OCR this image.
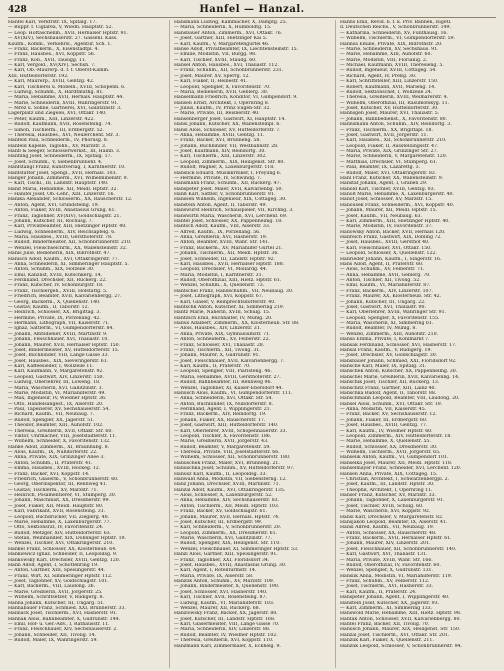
428	Hanfel — Hanzal.
Hanfel Karl, Verkfrstr. IX, Spitalg. 17.
— Ruppr. f. Ciglarea, V, Wiedn. Hauptstr. 52.
— Leop. Hoftaschenm., XVII, Hernalser Hptstr. 91.
— XV(XIV), Sechshauserstr. 27. Gassenl. Kass.
Kaufm., Komm., Verkehrsl., Agentur, Sch. 1.
— Franz, Bäckerm., X, Eisenstadtpl. 4.
— Franz, Hausbes., XVI, Koppstr. 56.
— Franz, Koh., XVII, Tausigg. 11.
— Karl, Vergold., XV(XIV), Sechsh. 7.
— Karl, Ob.-Maurerp. d. f. f. Oberst-Kämm.
XIII, Hütteldorferstr. 192.
— Karl, Maurerp., XVIII, Gentzg. 42.
— Karl, Tischlerei u. Möbelh., XVIII, Schopenh. 6.
— Ludwig, Schuhm., X, Hardtmuthg. 81.
— Maria, Hebamme, XVII, Hernals. Hauptstr. 44.
— Marie, Schneiderin, XVIII, Währingerstr. 91.
— Mrez u. Söhne, Gärtnerei, XVI, Gallitzinstr. 3.
Lagerplatz und Ziegelei, XVI, Ottakr. 140.
— Peter, Kaufm., XIII, Linzerstr. 422.
— Rudolf, Kaufmann, XVII, Rosensteing. 74.
— Simon, Tischlerm., III, Erdbergstr. 52.
— Theresia, Hausbes., XVI, Neulerchenf. Str. 3.
Hanfeld Paul, Schneiderm., IV, Phorusg. 8.
Hanfeld Kapelle, Taglöhn., XV, Märzstr. 3.
Hanfl & Seeger, Schlosserwerkst., III, Hainb. 3.
Hanfling Josef, Schneiderm., IX, Spitalg. 17.
— Josef, Schuhm., V, Siebenbrunnenf. 4.
Hanfstängl Franz, Kunstverlag, I, Kärntnerstr. 10.
Hanfstätter Josef, Spengl., XVII, Hernals. 103.
Hanger Johann, Zimmerm., XVI, Wilhelminenstr. 9.
— Karl, Tischl., III, Landstr. Hauptstr. 140.
Hanif Maria, Hebamme, XII, Meidl. Hptstr. 32.
— Hanifel Josef, Ob.-Lehr., XIII, Linzerstr. 16.
Hanika Alexander, Schlosserm., XX, Rauscherstr. 12.
— Anton, Agent, XVI, Grundsteing. 19.
— Anton, Fiaker, XVIII, Anastasius Grüng. 61.
— Franz, Taglöhner, XV(XIV), Goldschlagstr. 21.
— Johann, Kutscher, III, Rochusg. 7.
— Karl, Privatbeamter, XIII, Hietzinger Hptstr. 40.
— Ludwig, Schneiderm., XIV, Reichsapfelg. 6.
— Maria, Hausbes., XVIII, Gersthoferstr. 78.
— Rudolf, Bindermeister, XII, Schönbrunnerstr. 210.
— Wenzel, Fleischselchrm., XX, Wallensteinstr. 32.
Hanis Julie, Bedienerin, XIX, Billrothstr. 47.
Hanisch Adolf, Kaufm., XVI, Ottakringerstr. 77.
— Anna, Schneiderin, XI, Simmeringer Hauptstr. 5.
— Anton, Schuhm., XIX, Hofzeile 30.
— Emil, Kanzlist, XVIII, Kutschkerg. 14.
— Ferdinand, Drechsler, XII, Ruckerg. 22.
— Franz, Kutscher, IV, Schönburgstr. 18.
— Franz, Tischlergeh., XVIII, Hofstattg. 5.
— Friedrich, Beamter, XVII, Kalvarienbergg. 27.
— Georg, Bäckerm., X, Quellenstr. 140.
— Gustav, Kaufm., II, Taborstr. 12.
— Heinrich, Schlosser, XX, Brigittag. 3.
— Hermine, Private, IX, Porzellang. 42.
— Hermann, Lithograph, VII, Kaiserstr. 71.
— Ignaz, Sattlerm., VI, Gumpendorferstr. 84.
— Johann, Amtsdiener, XVIII, Martinstr. 9.
— Johann, Fleischhauer, XVI, Thaliastr. 10.
— Johann, Maurer, XVII, Hernalser Hptstr. 150.
— Josef, Bindermeister, XV, Hütteldorferstr. 15.
— Josef, Buchbinder, VIII, Lange Gasse 33.
— Josef, Hausbes., XIX, Sieveringerstr. 61.
— Karl, Kaffeesieder, I, Wollzeile 11.
— Karl, Kaufmann, V, Margaretenstr. 92.
— Leopold, Gastwirt, XIV, Linzerstr. 150.
— Ludwig, Oberlehrer, III, Löweng. 18.
— Maria, Wäscherin, XVI, Gallitzinstr. 3.
— Marie, Modistin, VI, Mariahilferstr. 49.
— Max, Ingenieur, IV, Wiedner Hptstr. 36.
— Otto, Handelsangest., IX, Alserstr. 20.
— Paul, Tapezierer, XV, Sechshauserstr. 54.
— Richard, Kaufm., VII, Neubaug. 7.
— Rudolf, Spengler, XX, Jägerstr. 51.
— Theodor, Beamter, XIII, Auhofstr. 102.
— Theresia, Greißlerin, XVII, Ottakr. Str. 60.
— Viktor, Uhrmacher, VIII, Josefstädterstr. 11.
— Wilhelm, Schneider, X, Favoritenstr. 132.
Hanke Adolf, Zimmerm., XI, Braunhubg. 8.
— Alois, Kaufm., IX, Nußdorferstr. 22.
— Anna, Private, XIX, Grinzinger Allee 3.
— Anton, Schuhm., II, Praterstr. 41.
— Emma, Hausbes., XVIII, Hockeg. 12.
— Franz, Bäcker, XVI, Koppstr. 14.
— Friedrich, Glaserm., V, Schönbrunnerstr. 60.
— Georg, Oberinspektor, III, Rennweg 41.
— Gustav, Tischlerm., XV, Märzstr. 71.
— Heinrich, Posamentierer, VI, Stumperg. 30.
— Johann, Maschinist, XX, Dresdnerstr. 99.
— Josef, Fiaker, XII, Meidl. Hauptstr. 80.
— Karl, Fabrikant, XVII, Rosensteing. 31.
— Leopold, Buchdrucker, VII, Zieglerg. 40.
— Marie, Hebamme, X, Laxenburgerstr. 77.
— Otto, Sektionsrat, IV, Favoritenstr. 24.
— Rudolf, Metzger, XIV, Hütteldorferstr. 63.
— Stefan, Weinhändler, XIX, Döblinger Hptstr. 19.
— Wenzel, Tischler, XVI, Ottakringerstr. 210.
Hankel Franz, Schlosser, XX, Klosterneub. 64.
Hankiewicz Ignaz, Schneider, II, Leopoldsg. 9.
Hankowsky Karl, Drechsler, XVIII, Gentzg. 120.
Hann Adolf, Agent, I, Schottenring 19.
— Anton, Gärtner, XIII, Speisingerstr. 44.
— Franz, Wirt, XI, Simmeringer Hptstr. 112.
— Josef, Taglöhner, XV, Goldschlagstr. 101.
— Karl, Bäckerm., VIII, Laudong. 36.
— Marie, Greißlerin, XVII, Jörgerstr. 25.
— Wilhelm, Schriftsetzer, V, Rüdigerg. 8.
Hanna Johann, Kutscher, III, Ungarg. 51.
Hannabauer Franz, Schmied, XXI, Brünnerstr. 33.
Hannack Josef, Tischlerm., XVI, Hasnerstr. 91.
Hannak Alois, Bahnbeamter, X, Gudrunstr. 144.
— Emil, Hof- u. Ger.-Adv., I, Rathausstr. 11.
— Franz, Fleischhauer, XIV, Sechshauserstr. 2.
— Johann, Schneider, XII, Tivolig. 14.
— Rudolf, Maler, IX, Währingerstr. 59.
Hansmann Ludwig, Kammacher, X, Dampfg. 25.
— Maria, Schneiderin, X, Humboldtg. 15.
Hansbauer Anton, Zimmerm., XVI, Ottakr. 76.
— Josef, Gärtner, XIII, Hietzinger Kai 5.
— Karl, Kaufm., V, Margaretengürtel 46.
Hanse Adolf, Privatbeamter, IX, Liechtensteinstr. 15.
— Emilie, Modistin, VII, Burgg. 98.
— Karl, Tischler, XVIII, Staudg. 60.
Hansel Anton, Hausbes., XVI, Thaliastr. 112.
— Franz, Schuhm., XII, Schönbrunnerstr. 231.
— Josef, Maurer, XV, Sperrg. 12.
— Karl, Fiaker, II, Heinestr. 41.
— Leopold, Spengler, X, Favoritenstr. 70.
— Maria, Bedienerin, XVII, Geblerg. 30.
Hanselmann Friedrich, Konditor, VI, Gumpendorf. 9.
Hansen Ernst, Architekt, I, Opernring 8.
— Julius, Kaufm., IV, Prinz Eugen-Str. 32.
— Marie, Private, III, Reisnerstr. 40.
Hansenberger Josef, Gastwirt, XI, Hauptstr. 14.
Hansi Johann, Kutscher, XX, Wallensteinpl. 6.
Hansl Alois, Schlosser, XV, Hütteldorferstr. 7.
— Anna, Hebamme, XVIII, Gentzg. 11.
— Franz, Bäcker, XVI, Brunneng. 58.
— Johann, Buchbinder, VII, Westbahnstr. 28.
— Josef, Kaufmann, XIV, Reindorfg. 30.
— Karl, Tischlerm., XIII, Linzerstr. 302.
— Leopold, Zimmerm., XIX, Heiligenst. Str. 80.
— Rudolf, Wagner, X, Laxenburgerstr. 118.
Hanslick Eduard, Musikkritiker, I, Freyung 6.
— Hermine, Private, IV, Schwindg. 7.
Hansmann Franz, Schuhm., XII, Ruckerg. 47.
Hanspeter Josef, Maler, XVII, Kalvarienbg. 50.
Hanß Karl, Sattler, V, Schönbrunnerstr. 91.
Hanssen Wilhelm, Ingenieur, XIX, Cottageg. 30.
Hanstein Anton, Agent, II, Taborstr. 49.
Hanswurst Heinrich, Schauspieler, VII, Kirchbg. 3.
Hanswirth Maria, Wäscherin, XVI, Lerchenf. 69.
Hantel Josef, Schlosser, XX, Pappenheimg. 18.
Hantsch Adolf, Kaufm., VIII, Alserstr. 33.
— Alfred, Kaufm., IX, Porzellang. 56.
— Anna, Greißlerin, XVI, Hasnerstr. 19.
— Anton, Beamter, XVIII, Währ. Str. 141.
— Franz, Bäckerm., XV, Mariahilfer Gürtel 21.
— Johann, Tischlerm., XII, Meidl. Hptstr. 36.
— Josef, Schneider, III, Landstr. Hptstr. 92.
— Karl, Hausbes., XVII, Hernalser Hptstr. 188.
— Leopold, Drechsler, VI, Mollardg. 44.
— Maria, Modistin, I, Kärntnerstr. 31.
— Rudolf, Oberoffizial, XIII, Hietz. Hptstr. 61.
— Wenzel, Schuhm., X, Quellenstr. 73.
Hantschel Franz, Handschuhm., VII, Neubaug. 30.
— Josef, Lithograph, XVI, Koppstr. 67.
— Karl, Glaser, V, Reinprechtsdorferstr. 40.
Hantschk Anton, Kutscher, XI, Simmering 219.
Hantz Marie, Näherin, XVIII, Schulg. 15.
Hantzsch Emil, Buchhalter, IV, Mühlg. 20.
Hanus Adalbert, Zimmerm., XX, Klosterneub. Str. 88.
— Alois, Hausbes., XIV, Linzerstr. 31.
— Anna, Private, XIX, Gymnasiumstr. 71.
— Anton, Schneiderm., XV, Felberstr. 22.
— Franz, Schlosser, XVI, Thaliastr. 28.
— Franz, Tischlerm., XII, Tivolig. 31.
— Johann, Maurer, X, Gudrunstr. 91.
— Josef, Fleischhauer, XVII, Kalvarienbergg. 7.
— Karl, Kaufm., II, Praterstr. 70.
— Leopold, Spengler, VIII, Piaristeng. 46.
— Maria, Hebamme, XVIII, Gersthoferstr. 27.
— Rudolf, Bahnbeamter, III, Rennweg 96.
— Wenzel, Taglöhner, XI, Kaiser-Ebersdorf 44.
Hanusch Alois, Kaufm., VI, Gumpendorferstr. 111.
— Anna, Schneiderin, XVI, Ottakr. Str. 54.
— Anton, Buchbinder, IX, Nußdorferstr. 8.
— Ferdinand, Agent, I, Wipplingerstr. 21.
— Franz, Bäckerm., XIV, Reindorfg. 19.
— Johann, Fiaker, XX, Rauscherstr. 17.
— Josef, Gastwirt, XIII, Hütteldorferstr. 140.
— Karl, Oberlehrer, XVIII, Schopenhauerstr. 33.
— Leopold, Tischler, X, Favoritenstr. 186.
— Marie, Greißlerin, XVII, Jörgerstr. 43.
— Rudolf, Beamter, V, Margaretenstr. 59.
— Theresia, Private, VIII, Josefstädterstr. 66.
— Wilhelm, Schlosser, XII, Schönbrunnerstr. 180.
Hanuschek Franz, Maler, XVI, Brunneng. 21.
Hanuschka Josef, Schuhm., XV, Hütteldorferstr. 97.
Hanusz Karl, Kaufm., II, Leopoldsg. 33.
Hanwald Anna, Modistin, VII, Siebensterng. 12.
Hanz Johann, Drechsler, XVIII, Martinstr. 71.
Hanzal Adolf, Kaufm., XVI, Ottakringerstr. 135.
— Alois, Schlosser, X, Laxenburgerstr. 52.
— Anna, Hebamme, XIV, Sechshauserstr. 83.
— Anton, Tischlerm., XII, Meidl. Hptstr. 103.
— Franz, Bäcker, XV, Goldschlagstr. 61.
— Johann, Maurer, XVII, Hernals. Hptstr. 74.
— Josef, Kutscher, III, Erdbergstr. 99.
— Karl, Schneiderm., V, Schönbrunnerstr. 20.
— Leopold, Zimmerm., XX, Dresdnerstr. 61.
— Marie, Wäscherin, XVI, Gallitzinstr. 77.
— Rudolf, Spengler, XIX, Heiligenst. Str. 110.
— Wenzel, Fleischhauer, XI, Simmeringer Hptstr. 53.
Hanzl Alois, Gärtner, XIII, Speisingerstr. 91.
— Franz, Taglöhner, XXI, Floridsdorf 34.
— Josef, Hausbes., XVIII, Anastasius Grüng. 30.
— Karl, Agent, I, Rotenturmstr. 14.
— Maria, Private, IX, Alserstr. 58.
Hanzlik Anton, Schuhm., XV, Märzstr. 109.
— Johann, Bindermeister, X, Quellenstr. 190.
— Josef, Schlosser, XVI, Hasnerstr. 140.
— Karl, Tischler, XVII, Rosensteing. 87.
— Ludwig, Kaufm., VI, Mariahilferstr. 103.
— Wenzel, Maurer, XII, Ruckerg. 68.
Hanzlowsky Franz, Bäcker, XX, Jägerstr. 80.
— Josef, Kutscher, III, Landstr. Hptstr. 168.
— Karl, Glasermeister, VIII, Lange Gasse 70.
— Maria, Schneiderin, XIV, Linzerstr. 88.
— Rudolf, Beamter, IV, Wiedner Hptstr. 102.
— Theresia, Greißlerin, XVI, Koppstr. 110.
Hanzmann Karl, Zimmermaler, X, Eckhelg. 9.
Hanns Emil, Revid. b. f. k. Priv. Bahnen, zugetl.
d. Deutschen Reichs., V, Schönbrunnerstr. 149.
— Katharina, Schneiderin, XV, Fünfhausg. 16.
— Wilhelm, Tischlerm., VI, Gumpendorferstr. 59.
Hannsa Emilie, Private, XIX, Billrothstr. 20.
— Marie, Schneiderin, XV, Sechshaus. 91.
— Marie, Hebamme, XIII, Auhofstr. 60.
— Marie, Modistin, VIII, Florianig. 2.
— Michael, Kaufmann, XVIII, Theresieng. 5.
— Rudolf, Ingenieur, XVIII, Cottageg. 54.
— Richard, Agent, IV, Preßg. 30.
— Karl, Schriftsteller, XIII, Linzerstr. 150.
— Robert, Kaufmann, XVII, Marieng. 14.
— Rudolf, Sektionschef, I, Wollzeile 24.
— Theresia, Greißlerin, XVIII, Weimarerstr. 4.
— Wilhelm, Oberoffizial, III, Rasumofskyg. 11.
— Josef, Kutscher, XV, Hütteldorferstr. 30.
Hannsgen Josef, Maurer, XVI, Thaliastr. 5.
— Johann, Bahnbedienst., X, Favoritenstr. 80.
Hannsmann Anton, Schuhm., XIV, Reindorfg. 3.
— Franz, Tischlerm., XX, Brigittapl. 18.
— Josef, Gastwirt, XVII, Jörgerstr. 11.
— Karl, Hausbes., XII, Schönbrunnerstr. 210.
— Leopold, Fiaker, II, Ausstellungsstr. 47.
— Maria, Private, XIX, Grinzinger Str. 27.
— Marie, Schneiderin, V, Margaretenstr. 120.
— Matthias, Drechsler, VI, Stumperg. 61.
— Paul, Beamter, IX, Lazarettg. 3.
— Rudolf, Maler, XVI, Ottakringerstr. 83.
Hanl Franz, Kutscher, XX, Wallensteinstr. 9.
Hanstaf Johann, Agent, I, Graben 29.
Hanold Karl, Tischler, XVIII, Gentzg. 93.
Hanoß Marie, Hebamme, X, Laxenburgerstr. 40.
Hanot Josef, Schlosser, XV, Märzstr. 15.
Hanousek Franz, Schneiderm., XVI, Koppstr. 40.
— Johann, Maurer, XII, Meidl. Hptstr. 15.
— Josef, Kaufm., VII, Neubaug. 63.
— Karl, Zimmerm., XIII, Hietzinger Hptstr. 40.
— Marie, Modistin, IV, Favoritenstr. 37.
Hanowsky Anton, Bäcker, XVII, Hernals 120.
Hanreich Franz, Gastwirt, XIX, Döbling 72.
— Josef, Hausbes., XVIII, Gersthof 40.
— Karl, Fleischhauer, XVI, Ottakr. 150.
— Leopold, Schlosser, X, Quellenstr. 122.
Hanrieder Johann, Kaufm., I, Singerstr. 16.
Hans Adolf, Agent, II, Praterstr. 60.
— Alois, Schuhm., XV, Felberstr. 71.
— Anna, Hebamme, XVII, Geblerg. 70.
— Anton, Tischler, XII, Tivolig. 52.
— Emil, Kaufm., VI, Mariahilferstr. 87.
— Franz, Bäckerm., XIV, Linzerstr. 107.
— Franz, Maurer, XX, Klosterneub. Str. 42.
— Johann, Kutscher, III, Ungarg. 22.
— Josef, Gastwirt, XVI, Thaliastr. 90.
— Karl, Oberlehrer, XVIII, Währinger Str. 91.
— Leopold, Spengler, X, Favoritenstr. 155.
— Maria, Wäscherin, XI, Simmering 61.
— Rudolf, Beamter, IV, Mühlg. 8.
— Wenzel, Zimmerm., XIII, Auhofstr. 210.
Hansa Emma, Private, I, Kohlmarkt 7.
Hansak Ferdinand, Schlosser, XVI, Hasnerstr. 17.
Hansal Franz, Kaufm., V, Rüdigerg. 19.
— Josef, Drechsler, XV, Goldschlagstr. 30.
Hansbauer Johann, Schmied, XXI, Floridsdorf 92.
Hansche Karl, Maler, IX, Spitalg. 31.
Hanschek Anton, Kutscher, XX, Pappenheimg. 30.
Hanschel Marie, Greißlerin, XVII, Kalvarienbg. 14.
Hanschik Josef, Tischler, XII, Ruckerg. 13.
Hanschitz Franz, Gärtner, XIII, Lainz 40.
Hanschka Rudolf, Agent, II, Taborstr. 88.
Hanschmann Leopold, Beamter, VIII, Laudong. 20.
Hansel Alois, Schuhm., XVI, Ottakr. Str. 19.
— Anna, Modistin, VII, Kaiserstr. 45.
— Franz, Bäcker, XV, Sechshauserstr. 12.
— Johann, Fiaker, III, Erdbergstr. 60.
— Josef, Hausbes., XVIII, Gentzg. 77.
— Karl, Kaufm., IV, Wiedner Hptstr. 60.
— Leopold, Zimmerm., XIV, Hütteldorferstr. 18.
— Marie, Hebamme, X, Quellenstr. 55.
— Rudolf, Schlosser, XX, Dresdnerstr. 30.
— Wilhelm, Tischlerm., XVII, Jörgerstr. 65.
Hanselik Anton, Kaufm., VI, Gumpendorf 101.
Hanselka Josef, Maurer, XII, Meidl. Hptstr. 118.
Hanselmayer Franz, Schneider, XVI, Lerchenf. 120.
Hansen Anna, Private, XIX, Cottageg. 15.
— Christian, Architekt, I, Schwarzenbergpl. 2.
— Josef, Kaufm., III, Landstr. Hptstr. 30.
— Theophil, Architekt, I, Opernring 11.
Hanser Franz, Kutscher, XV, Märzstr. 33.
— Johann, Taglöhner, X, Laxenburgerstr. 91.
— Josef, Tischler, XVIII, Schulg. 60.
— Marie, Wäscherin, XVI, Koppstr. 92.
Hansi Karl, Drechsler, V, Margaretenstr. 82.
Hansjakob Leopold, Beamter, IX, Alserstr. 41.
Hansl Alfred, Kaufm., VII, Neubaug. 19.
— Anton, Schlosser, XX, Rauscherstr. 48.
— Franz, Bäckerm., XVII, Hernalser Hptstr. 61.
— Johann, Maurer, XIV, Linzerstr. 201.
— Josef, Fleischhauer, XII, Schönbrunnerstr. 140.
— Karl, Gastwirt, XVI, Thaliastr. 131.
— Maria, Private, XVIII, Währ. Str. 166.
— Rudolf, Oberoffizial, IV, Favoritenstr. 60.
— Wenzel, Spengler, X, Gudrunstr. 131.
Hanslik Anna, Modistin, VI, Mariahilferstr. 119.
— Franz, Schuhm., XV, Felberstr. 112.
— Josef, Tischlerm., XVI, Hasnerstr. 33.
— Karl, Kaufm., II, Praterstr. 24.
Hanspeter Johann, Agent, I, Wipplingerstr. 40.
Hanstein Josef, Kutscher, XX, Jägerstr. 93.
— Karl, Zimmerm., XI, Simmering 133.
Hanswold Marie, Hebamme, XIII, Hietz. Hptstr. 98.
Hantak Anton, Schlosser, XVII, Kalvarienbergg. 80.
Hantel Franz, Bäcker, XII, Tivolig. 70.
Hanusch Johann, Maurer, XIX, Heiligenst. Str. 150.
Hanzal Josef, Tischlerm., XVI, Ottakr. Str. 201.
Hanzlik Karl, Fiaker, X, Quellenstr. 211.
Hanzlik Leopold, Schlosser, V, Schönbrunnerstr. 94.
